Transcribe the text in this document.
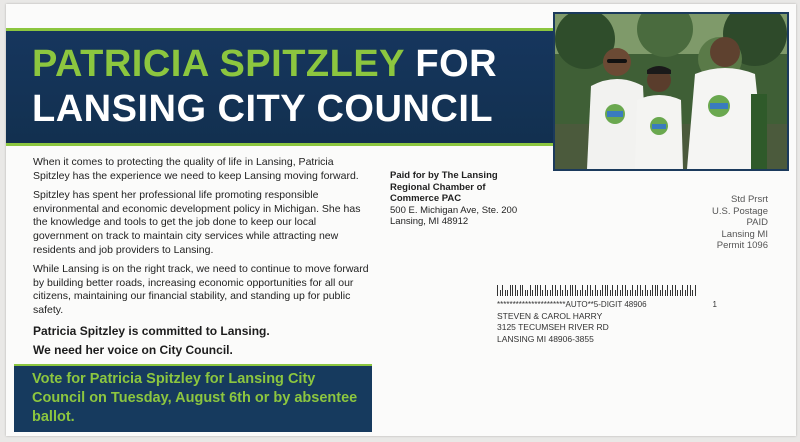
PATRICIA SPITZLEY FOR
LANSING CITY COUNCIL

When it comes to protecting the quality of life in Lansing, Patricia Spitzley has the experience we need to keep Lansing moving forward.

Spitzley has spent her professional life promoting responsible environmental and economic development policy in Michigan. She has the knowledge and tools to get the job done to keep our local government on track to maintain city services while attracting new residents and job providers to Lansing.

While Lansing is on the right track, we need to continue to move forward by building better roads, increasing economic opportunities for all our citizens, maintaining our financial stability, and standing up for public safety.

Patricia Spitzley is committed to Lansing.
We need her voice on City Council.
Paid for by The Lansing
Regional Chamber of
Commerce PAC
500 E. Michigan Ave, Ste. 200
Lansing, MI 48912
Std Prsrt
U.S. Postage
PAID
Lansing MI
Permit 1096
**********************AUTO**5-DIGIT 48906	1
STEVEN & CAROL HARRY
3125 TECUMSEH RIVER RD
LANSING MI 48906-3855
Vote for Patricia Spitzley for Lansing City Council on Tuesday, August 6th or by absentee ballot.
